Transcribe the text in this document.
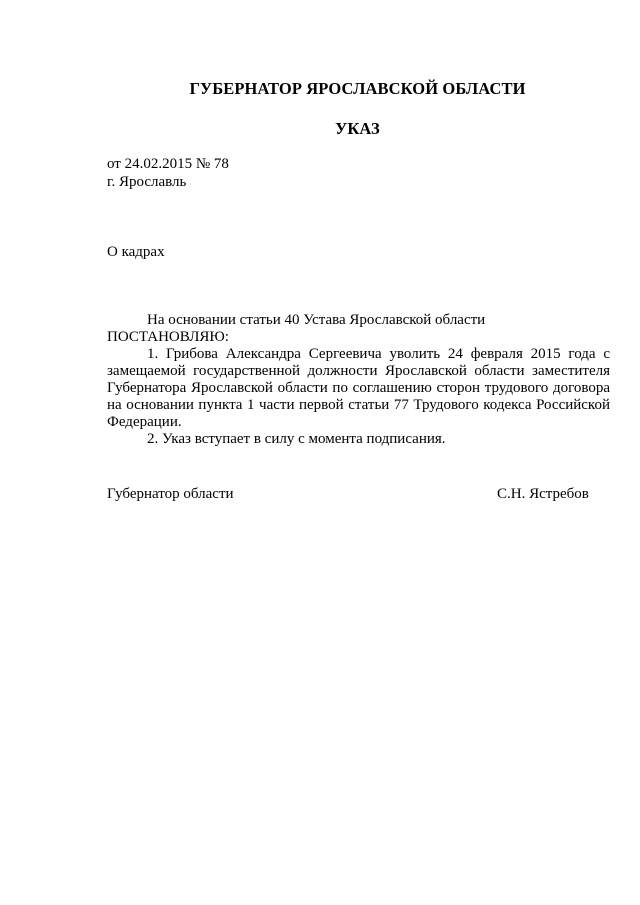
ГУБЕРНАТОР ЯРОСЛАВСКОЙ ОБЛАСТИ
УКАЗ
от 24.02.2015 № 78
г. Ярославль
О кадрах
На основании статьи 40 Устава Ярославской области
ПОСТАНОВЛЯЮ:

1. Грибова Александра Сергеевича уволить 24 февраля 2015 года с замещаемой государственной должности Ярославской области заместителя Губернатора Ярославской области по соглашению сторон трудового договора на основании пункта 1 части первой статьи 77 Трудового кодекса Российской Федерации.

2. Указ вступает в силу с момента подписания.

Губернатор области	С.Н. Ястребов
